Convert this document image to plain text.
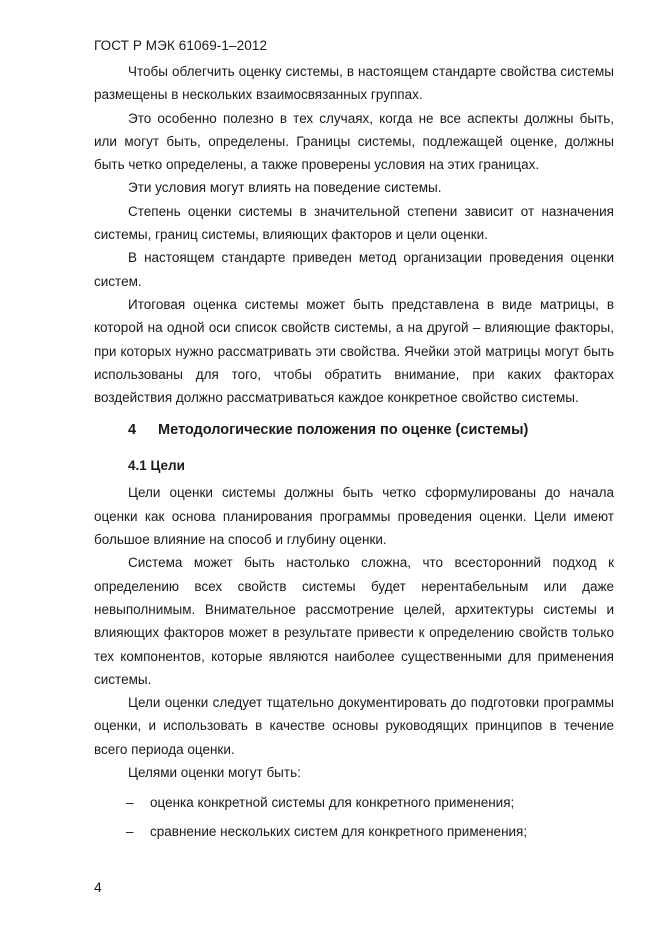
ГОСТ Р МЭК 61069-1–2012

Чтобы облегчить оценку системы, в настоящем стандарте свойства системы размещены в нескольких взаимосвязанных группах.

Это особенно полезно в тех случаях, когда не все аспекты должны быть, или могут быть, определены. Границы системы, подлежащей оценке, должны быть четко определены, а также проверены условия на этих границах.

Эти условия могут влиять на поведение системы.

Степень оценки системы в значительной степени зависит от назначения системы, границ системы, влияющих факторов и цели оценки.

В настоящем стандарте приведен метод организации проведения оценки систем.

Итоговая оценка системы может быть представлена в виде матрицы, в которой на одной оси список свойств системы, а на другой – влияющие факторы, при которых нужно рассматривать эти свойства. Ячейки этой матрицы могут быть использованы для того, чтобы обратить внимание, при каких факторах воздействия должно рассматриваться каждое конкретное свойство системы.

4 Методологические положения по оценке (системы)
4.1 Цели

Цели оценки системы должны быть четко сформулированы до начала оценки как основа планирования программы проведения оценки. Цели имеют большое влияние на способ и глубину оценки.

Система может быть настолько сложна, что всесторонний подход к определению всех свойств системы будет нерентабельным или даже невыполнимым. Внимательное рассмотрение целей, архитектуры системы и влияющих факторов может в результате привести к определению свойств только тех компонентов, которые являются наиболее существенными для применения системы.

Цели оценки следует тщательно документировать до подготовки программы оценки, и использовать в качестве основы руководящих принципов в течение всего периода оценки.

Целями оценки могут быть:

– оценка конкретной системы для конкретного применения;
– сравнение нескольких систем для конкретного применения;
4
